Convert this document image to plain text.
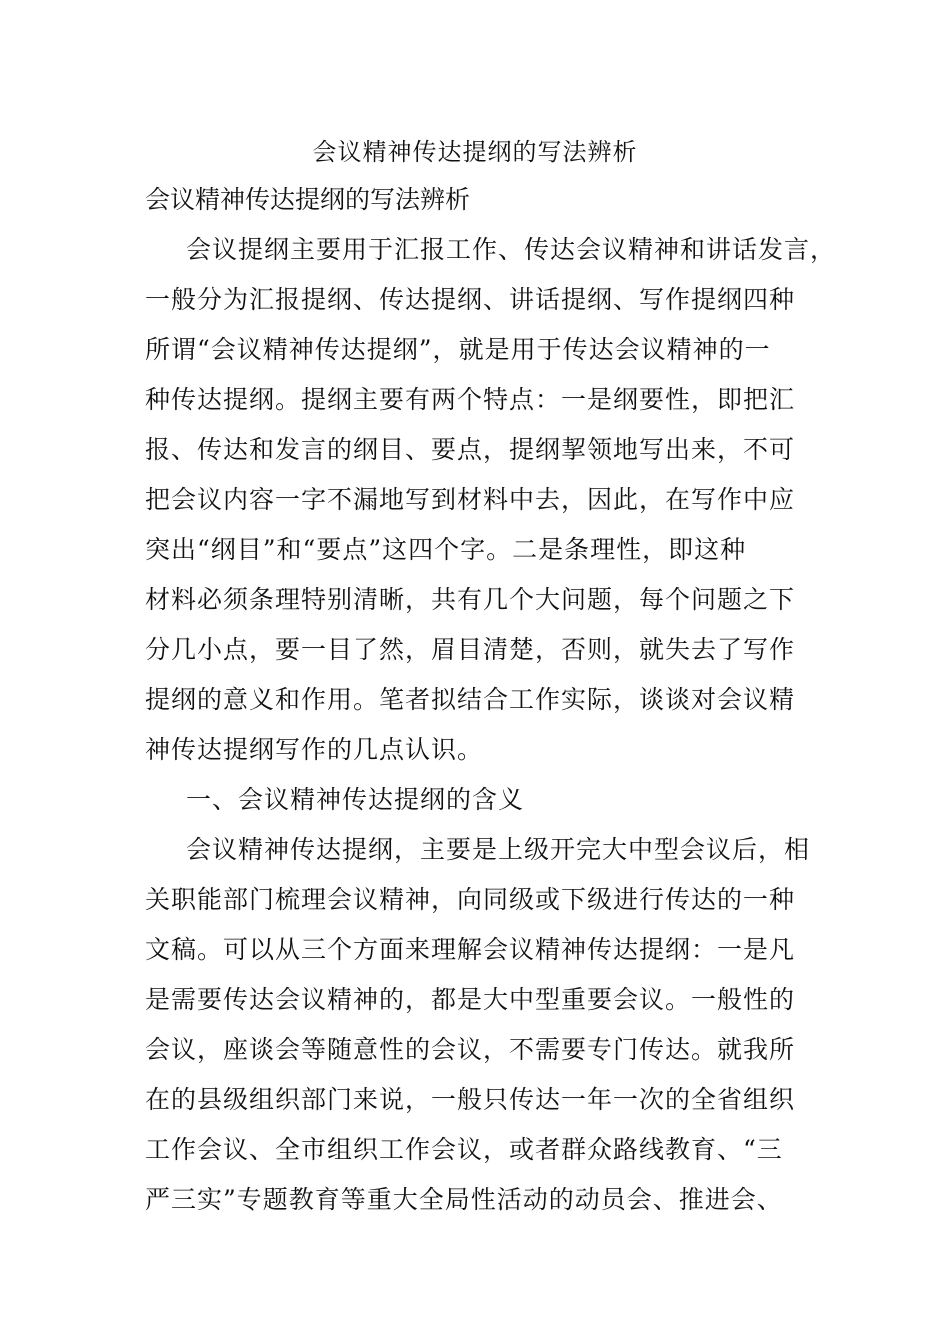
会议精神传达提纲的写法辨析
会议精神传达提纲的写法辨析
会议提纲主要用于汇报工作、传达会议精神和讲话发言，
一般分为汇报提纲、传达提纲、讲话提纲、写作提纲四种
所谓“会议精神传达提纲”，就是用于传达会议精神的一
种传达提纲。提纲主要有两个特点：一是纲要性，即把汇
报、传达和发言的纲目、要点，提纲挈领地写出来，不可
把会议内容一字不漏地写到材料中去，因此，在写作中应
突出“纲目”和“要点”这四个字。二是条理性，即这种
材料必须条理特别清晰，共有几个大问题，每个问题之下
分几小点，要一目了然，眉目清楚，否则，就失去了写作
提纲的意义和作用。笔者拟结合工作实际，谈谈对会议精
神传达提纲写作的几点认识。
一、会议精神传达提纲的含义
会议精神传达提纲，主要是上级开完大中型会议后，相
关职能部门梳理会议精神，向同级或下级进行传达的一种
文稿。可以从三个方面来理解会议精神传达提纲：一是凡
是需要传达会议精神的，都是大中型重要会议。一般性的
会议，座谈会等随意性的会议，不需要专门传达。就我所
在的县级组织部门来说，一般只传达一年一次的全省组织
工作会议、全市组织工作会议，或者群众路线教育、“三
严三实”专题教育等重大全局性活动的动员会、推进会、
